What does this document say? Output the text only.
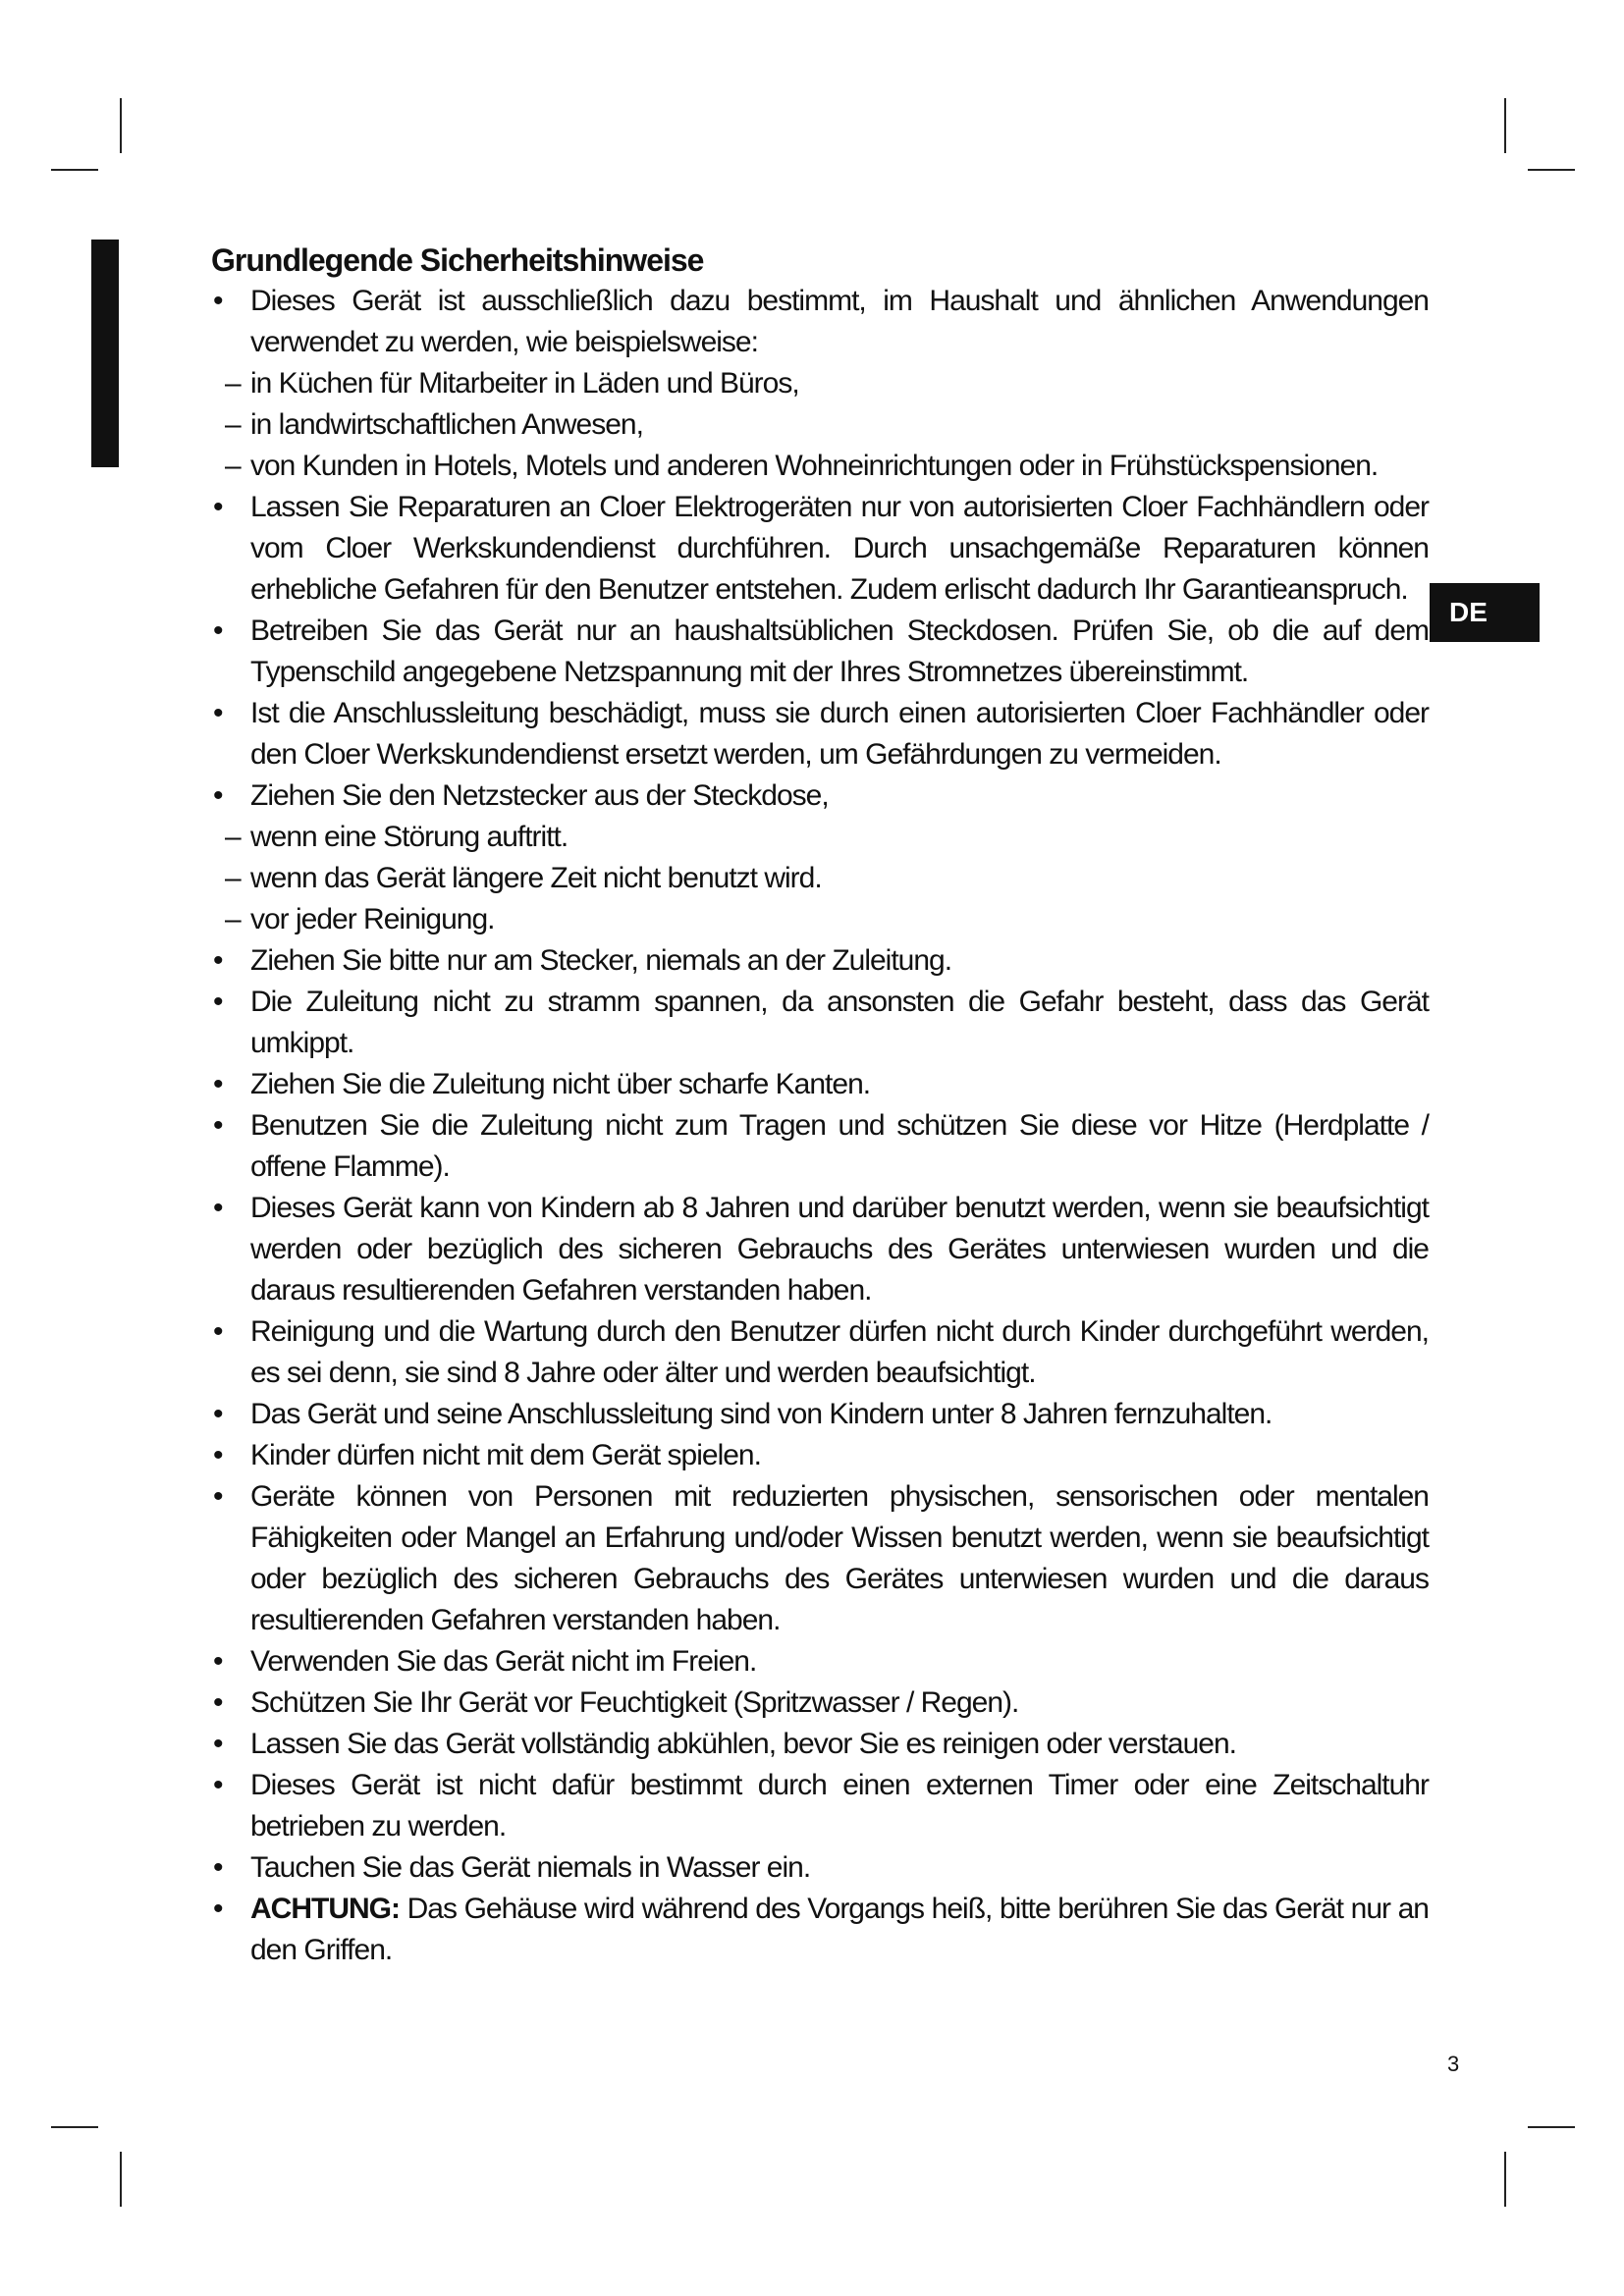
DE
Grundlegende Sicherheitshinweise
• Dieses Gerät ist ausschließlich dazu bestimmt, im Haushalt und ähnlichen Anwendungen verwendet zu werden, wie beispielsweise:
– in Küchen für Mitarbeiter in Läden und Büros,
– in landwirtschaftlichen Anwesen,
– von Kunden in Hotels, Motels und anderen Wohneinrichtungen oder in Frühstückspensionen.
• Lassen Sie Reparaturen an Cloer Elektrogeräten nur von autorisierten Cloer Fachhändlern oder vom Cloer Werkskundendienst durchführen. Durch unsachgemäße Reparaturen können erhebliche Gefahren für den Benutzer entstehen. Zudem erlischt dadurch Ihr Garantieanspruch.
• Betreiben Sie das Gerät nur an haushaltsüblichen Steckdosen. Prüfen Sie, ob die auf dem Typenschild angegebene Netzspannung mit der Ihres Stromnetzes übereinstimmt.
• Ist die Anschlussleitung beschädigt, muss sie durch einen autorisierten Cloer Fachhändler oder den Cloer Werkskundendienst ersetzt werden, um Gefährdungen zu vermeiden.
• Ziehen Sie den Netzstecker aus der Steckdose,
– wenn eine Störung auftritt.
– wenn das Gerät längere Zeit nicht benutzt wird.
– vor jeder Reinigung.
• Ziehen Sie bitte nur am Stecker, niemals an der Zuleitung.
• Die Zuleitung nicht zu stramm spannen, da ansonsten die Gefahr besteht, dass das Gerät umkippt.
• Ziehen Sie die Zuleitung nicht über scharfe Kanten.
• Benutzen Sie die Zuleitung nicht zum Tragen und schützen Sie diese vor Hitze (Herdplatte / offene Flamme).
• Dieses Gerät kann von Kindern ab 8 Jahren und darüber benutzt werden, wenn sie beaufsichtigt werden oder bezüglich des sicheren Gebrauchs des Gerätes unterwiesen wurden und die daraus resultierenden Gefahren verstanden haben.
• Reinigung und die Wartung durch den Benutzer dürfen nicht durch Kinder durchgeführt werden, es sei denn, sie sind 8 Jahre oder älter und werden beaufsichtigt.
• Das Gerät und seine Anschlussleitung sind von Kindern unter 8 Jahren fernzuhalten.
• Kinder dürfen nicht mit dem Gerät spielen.
• Geräte können von Personen mit reduzierten physischen, sensorischen oder mentalen Fähigkeiten oder Mangel an Erfahrung und/oder Wissen benutzt werden, wenn sie beaufsichtigt oder bezüglich des sicheren Gebrauchs des Gerätes unterwiesen wurden und die daraus resultierenden Gefahren verstanden haben.
• Verwenden Sie das Gerät nicht im Freien.
• Schützen Sie Ihr Gerät vor Feuchtigkeit (Spritzwasser / Regen).
• Lassen Sie das Gerät vollständig abkühlen, bevor Sie es reinigen oder verstauen.
• Dieses Gerät ist nicht dafür bestimmt durch einen externen Timer oder eine Zeitschaltuhr betrieben zu werden.
• Tauchen Sie das Gerät niemals in Wasser ein.
• ACHTUNG: Das Gehäuse wird während des Vorgangs heiß, bitte berühren Sie das Gerät nur an den Griffen.
3
